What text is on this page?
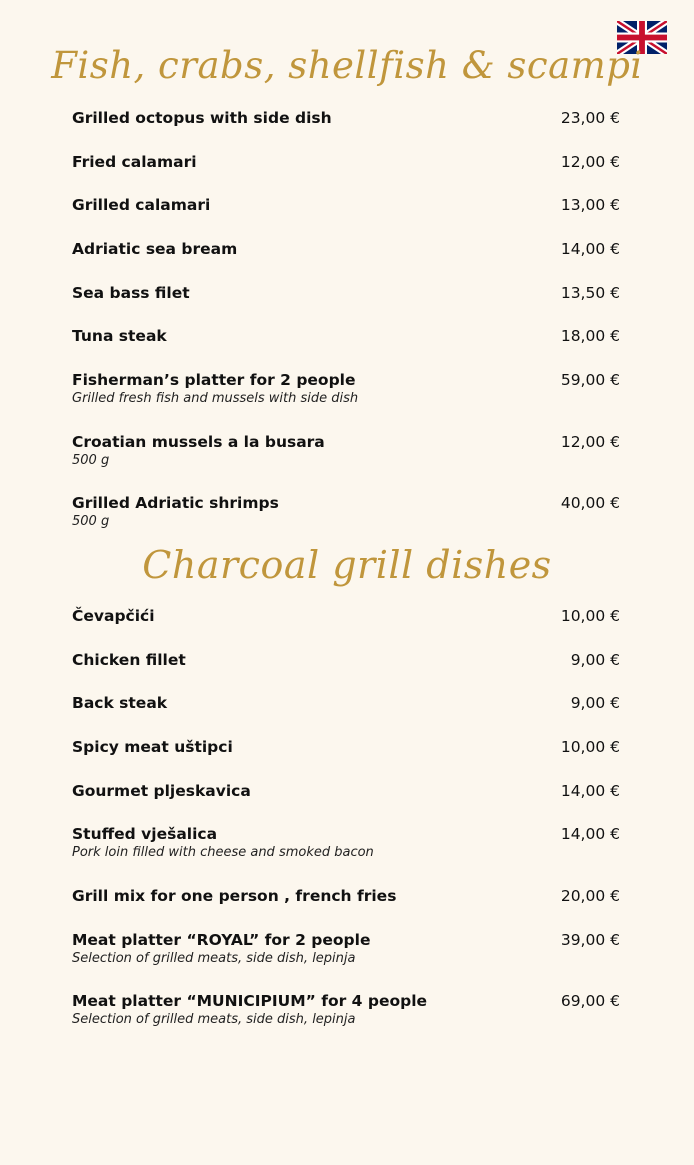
Fish, crabs, shellfish & scampi
Grilled octopus with side dish	23,00 €
Fried calamari	12,00 €
Grilled calamari	13,00 €
Adriatic sea bream	14,00 €
Sea bass filet	13,50 €
Tuna steak	18,00 €
Fisherman’s platter for 2 people	59,00 €
Grilled fresh fish and mussels with side dish
Croatian mussels a la busara	12,00 €
500 g
Grilled Adriatic shrimps	40,00 €
500 g
Charcoal grill dishes
Čevapčići	10,00 €
Chicken fillet	9,00 €
Back steak	9,00 €
Spicy meat uštipci	10,00 €
Gourmet pljeskavica	14,00 €
Stuffed vješalica	14,00 €
Pork loin filled with cheese and smoked bacon
Grill mix for one person , french fries	20,00 €
Meat platter “ROYAL” for 2 people	39,00 €
Selection of grilled meats, side dish, lepinja
Meat platter “MUNICIPIUM” for 4 people	69,00 €
Selection of grilled meats, side dish, lepinja
